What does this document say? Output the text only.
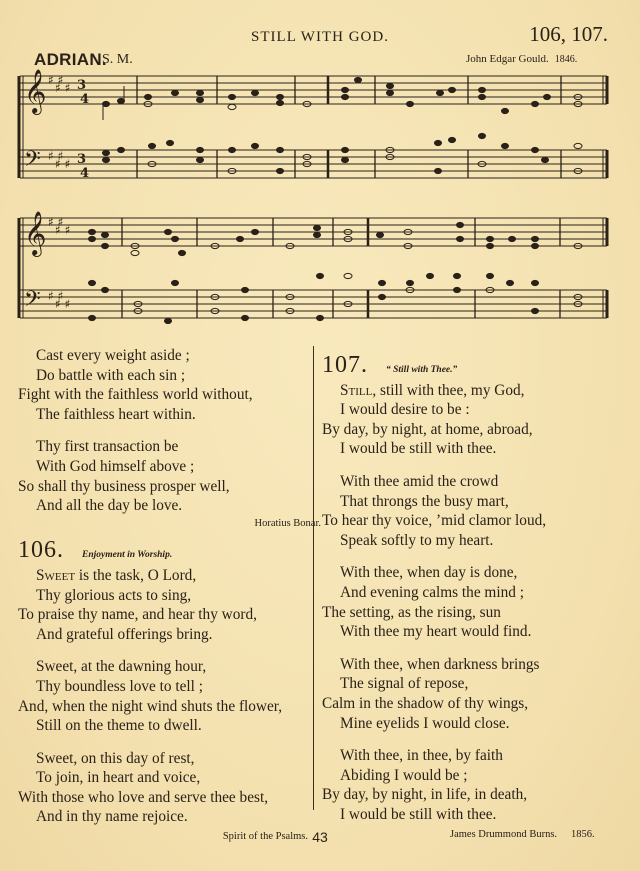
STILL WITH GOD.	106, 107.
ADRIAN.
S. M.	John Edgar Gould. 1846.
𝄞
𝄢
♯ ♯
♯ ♯
♯ ♯
♯ ♯
3
4
3
4
𝄞
𝄢
♯ ♯
♯ ♯
♯ ♯
♯ ♯
Cast every weight aside ;
Do battle with each sin ;
Fight with the faithless world without,
The faithless heart within.
Thy first transaction be
With God himself above ;
So shall thy business prosper well,
And all the day be love.
Horatius Bonar.
106. Enjoyment in Worship.
Sweet is the task, O Lord,
Thy glorious acts to sing,
To praise thy name, and hear thy word,
And grateful offerings bring.
Sweet, at the dawning hour,
Thy boundless love to tell ;
And, when the night wind shuts the flower,
Still on the theme to dwell.
Sweet, on this day of rest,
To join, in heart and voice,
With those who love and serve thee best,
And in thy name rejoice.
Spirit of the Psalms.
107. “ Still with Thee.”
Still, still with thee, my God,
I would desire to be :
By day, by night, at home, abroad,
I would be still with thee.
With thee amid the crowd
That throngs the busy mart,
To hear thy voice, ’mid clamor loud,
Speak softly to my heart.
With thee, when day is done,
And evening calms the mind ;
The setting, as the rising, sun
With thee my heart would find.
With thee, when darkness brings
The signal of repose,
Calm in the shadow of thy wings,
Mine eyelids I would close.
With thee, in thee, by faith
Abiding I would be ;
By day, by night, in life, in death,
I would be still with thee.
James Drummond Burns. 1856.
43
